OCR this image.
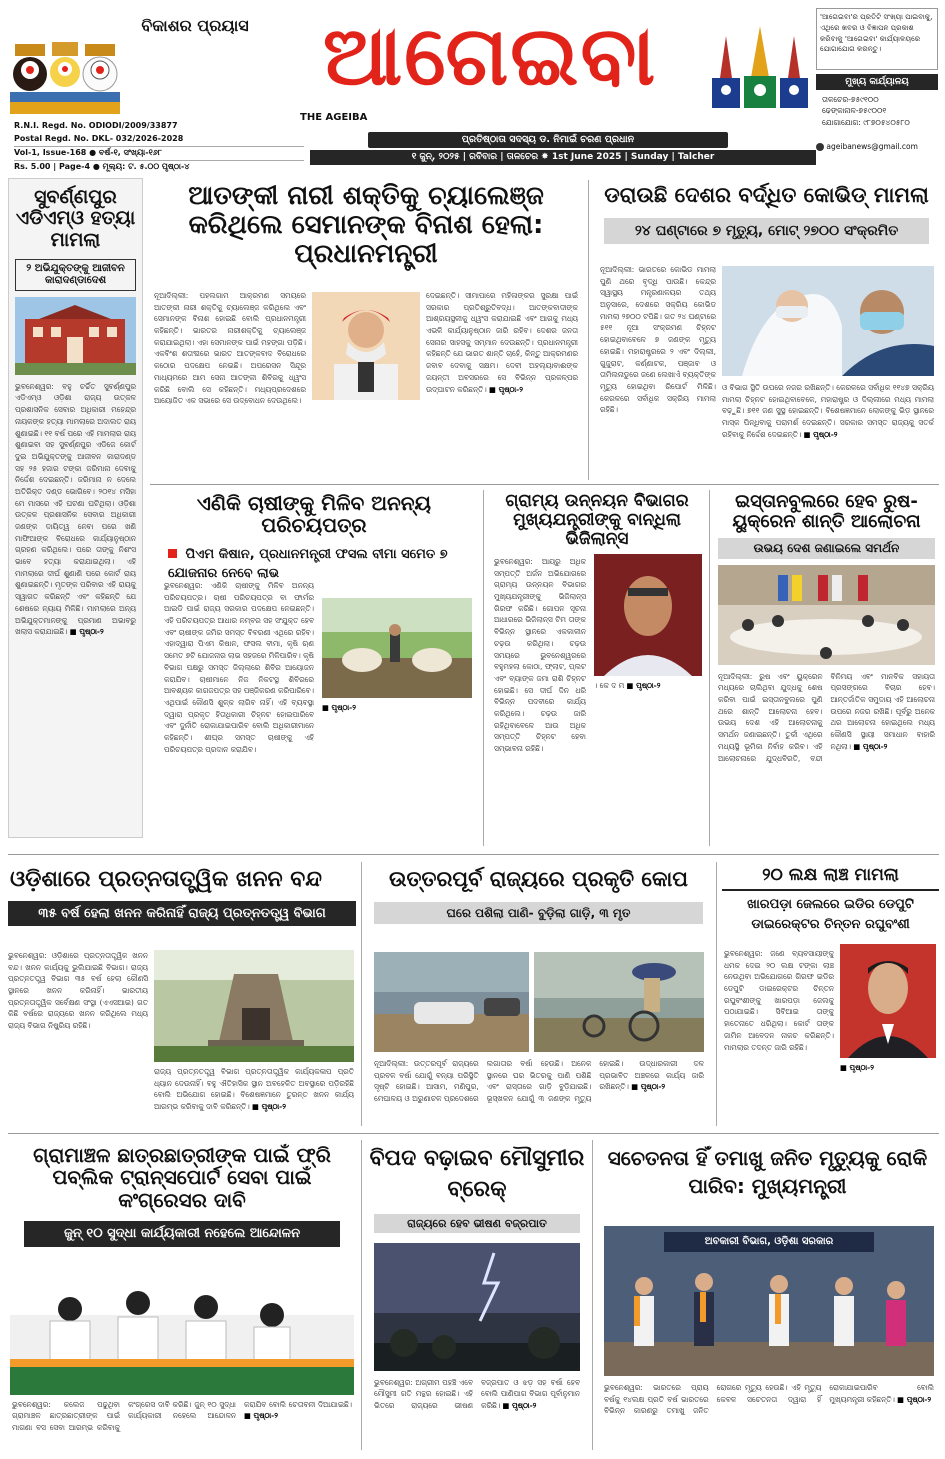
ବିକାଶର ପ୍ରୟାସ ଆଗେଇବା
THE AGEIBA
'ଆଗେଇବା'ର ପ୍ରତିଟି ସଂଖ୍ୟା ପାଇବାକୁ, ଏଥିରେ ଖବର ଓ ବିଜ୍ଞାପନ ପ୍ରକାଶ କରିବାକୁ 'ଆଗେଇବା' କାର୍ଯ୍ୟାଳୟରେ ଯୋଗାଯୋଗ କରନ୍ତୁ।
ମୁଖ୍ୟ କାର୍ଯ୍ୟାଳୟ
ତାଳଚେର-୭୫୯୧୦୦
ଢେଙ୍କାନାଳ-୭୫୯୦୦୧
ଯୋଗାଯୋଗ: ୯୮୭୦୫୪୦୫୮୦
ageibanews@gmail.com
R.N.I. Regd. No. ODIODI/2009/33877
Postal Regd. No. DKL- 032/2026-2028
Vol-1, Issue-168 ● ବର୍ଷ-୧, ସଂଖ୍ୟା-୧୬୮
Rs. 5.00 | Page-4 ● ମୂଲ୍ୟ: ଟ. ୫.୦୦ ପୃଷ୍ଠା-୪
ପ୍ରତିଷ୍ଠାତା ସଦସ୍ୟ ଡ. ନିମାଇଁ ଚରଣ ପ୍ରଧାନ
୧ ଜୁନ୍, ୨୦୨୫ | ରବିବାର | ତାଳଚେର ✸ 1st June 2025 | Sunday | Talcher
ସୁବର୍ଣ୍ଣପୁର ଏଡିଏମ୍‌ଓ ହତ୍ୟା ମାମଲା
୨ ଅଭିଯୁକ୍ତଙ୍କୁ ଆଜୀବନ କାରାଦଣ୍ଡାଦେଶ
ଭୁବନେଶ୍ୱର: ବହୁ ଚର୍ଚ୍ଚିତ ସୁବର୍ଣ୍ଣପୁର ଏଡିଏମ୍‌ଓ ଓଡ଼ିଶା ରାଜ୍ୟ ଉତ୍କଳ ପ୍ରଶାସନିକ ସେବାର ଅଧିକାରୀ ମହେନ୍ଦ୍ର ନାୟକଙ୍କ ହତ୍ୟା ମାମଲାରେ ଅଦାଲତ ରାୟ ଶୁଣାଇଛି। ୧୧ ବର୍ଷ ପରେ ଏହି ମାମଲାର ରାୟ ଶୁଣାଇବା ସହ ସୁବର୍ଣ୍ଣପୁର ଏଡିଜେ କୋର୍ଟ ଦୁଇ ଅଭିଯୁକ୍ତଙ୍କୁ ଆଜୀବନ କାରାଦଣ୍ଡ ସହ ୨୫ ହଜାର ଟଙ୍କା ଜରିମାନା ଦେବାକୁ ନିର୍ଦ୍ଦେଶ ଦେଇଛନ୍ତି। ଜରିମାନା ନ ଦେଲେ ଅତିରିକ୍ତ ଦଣ୍ଡ ଭୋଗିବେ। ୨୦୧୪ ମସିହା ମେ ମାସରେ ଏହି ଘଟଣା ଘଟିଥିଲା। ଓଡ଼ିଶା ଉତ୍କଳ ପ୍ରଶାସନିକ ସେବାର ଅଧିକାରୀ ଜଣଙ୍କ ଦାୟିତ୍ୱ ନେବା ପରେ ଖଣି ମାଫିଆଙ୍କ ବିରୋଧରେ କାର୍ଯ୍ୟାନୁଷ୍ଠାନ ଗ୍ରହଣ କରିଥିଲେ। ପରେ ତାଙ୍କୁ ନିଶଂସ ଭାବେ ହତ୍ୟା କରାଯାଇଥିଲା। ଏହି ମାମଲାରେ ଦୀର୍ଘ ଶୁଣାଣି ପରେ କୋର୍ଟ ରାୟ ଶୁଣାଇଛନ୍ତି। ମୃତଙ୍କ ପରିବାର ଏହି ରାୟକୁ ସ୍ୱାଗତ କରିଛନ୍ତି ଏବଂ କହିଛନ୍ତି ଯେ ଶେଷରେ ନ୍ୟାୟ ମିଳିଛି। ମାମଲାରେ ଅନ୍ୟ ଅଭିଯୁକ୍ତମାନଙ୍କୁ ପ୍ରମାଣ ଅଭାବରୁ ଖଲାସ କରାଯାଇଛି। ■ ପୃଷ୍ଠା-୨
ଆତଙ୍କୀ ନାରୀ ଶକ୍ତିକୁ ଚ୍ୟାଲେଞ୍ଜ କରିଥିଲେ ସେମାନଙ୍କ ବିନାଶ ହେଲା: ପ୍ରଧାନମନ୍ତ୍ରୀ
ନୂଆଦିଲ୍ଲୀ: ପହଲଗାମ ଆକ୍ରମଣ ସମୟରେ ଆତଙ୍କୀ ନାରୀ ଶକ୍ତିକୁ ଚ୍ୟାଲେଞ୍ଜ କରିଥିଲେ ଏବଂ ସେମାନଙ୍କ ବିନାଶ ହୋଇଛି ବୋଲି ପ୍ରଧାନମନ୍ତ୍ରୀ କହିଛନ୍ତି। ଭାରତର ନାରୀଶକ୍ତିକୁ ଚ୍ୟାଲେଞ୍ଜ କରାଯାଇଥିଲା। ଏହା ସେମାନଙ୍କ ପାଇଁ ମହଙ୍ଗା ପଡ଼ିଛି। ଏକବିଂଶ ଶତାବ୍ଦୀରେ ଭାରତ ଆତଙ୍କବାଦ ବିରୋଧରେ କଠୋର ପଦକ୍ଷେପ ନେଇଛି। ଅପରେସନ ସିନ୍ଦୂର ମାଧ୍ୟମରେ ଆମ ସେନା ଆତଙ୍କୀ ଶିବିରକୁ ଧ୍ୱଂସ କରିଛି ବୋଲି ସେ କହିଛନ୍ତି। ମଧ୍ୟପ୍ରଦେଶରେ ଆୟୋଜିତ ଏକ ସଭାରେ ସେ ଉଦ୍ବୋଧନ ଦେଉଥିଲେ।
ଦେଇଛନ୍ତି। ସୀମାପାରେ ମହିଳାଙ୍କର ସୁରକ୍ଷା ପାଇଁ ସରକାର ପ୍ରତିଶ୍ରୁତିବଦ୍ଧ। ଆତଙ୍କବାଦୀଙ୍କ ଆଶ୍ରୟସ୍ଥଳୀକୁ ଧ୍ୱଂସ କରାଯାଇଛି ଏବଂ ଆଗକୁ ମଧ୍ୟ ଏଭଳି କାର୍ଯ୍ୟାନୁଷ୍ଠାନ ଜାରି ରହିବ। ଦେଶର ଜନତା ସେନାର ସାହସକୁ ସମ୍ମାନ ଦେଉଛନ୍ତି। ପ୍ରଧାନମନ୍ତ୍ରୀ କହିଛନ୍ତି ଯେ ଭାରତ ଶାନ୍ତି ଚାହେଁ, କିନ୍ତୁ ଆକ୍ରମଣର ଜବାବ ଦେବାକୁ ସକ୍ଷମ। ଦେବୀ ଅହଲ୍ୟାବାଈଙ୍କ ଜୟନ୍ତୀ ଅବସରରେ ସେ ବିଭିନ୍ନ ପ୍ରକଳ୍ପର ଉଦ୍‌ଘାଟନ କରିଛନ୍ତି। ■ ପୃଷ୍ଠା-୨
ଡରାଉଛି ଦେଶର ବର୍ଦ୍ଧିତ କୋଭିଡ୍ ମାମଲା
୨୪ ଘଣ୍ଟାରେ ୭ ମୃତ୍ୟୁ, ମୋଟ୍ ୨୭୦୦ ସଂକ୍ରମିତ
ନୂଆଦିଲ୍ଲୀ: ଭାରତରେ କୋଭିଡ ମାମଲା ପୁଣି ଥରେ ବୃଦ୍ଧି ପାଉଛି। କେନ୍ଦ୍ର ସ୍ୱାସ୍ଥ୍ୟ ମନ୍ତ୍ରଣାଳୟର ତଥ୍ୟ ଅନୁସାରେ, ଦେଶରେ ସକ୍ରିୟ କୋଭିଡ ମାମଲା ୨୭୦୦ ଟପିଛି। ଗତ ୨୪ ଘଣ୍ଟାରେ ୫୧୧ ନୂଆ ସଂକ୍ରମଣ ଚିହ୍ନଟ ହୋଇଥିବାବେଳେ ୭ ଜଣଙ୍କ ମୃତ୍ୟୁ ହୋଇଛି। ମହାରାଷ୍ଟ୍ରରେ ୨ ଏବଂ ଦିଲ୍ଲୀ, ଗୁଜୁରାଟ, କର୍ଣ୍ଣାଟକ, ପଞ୍ଜାବ ଓ ତାମିଲନାଡୁରେ ଜଣେ ଲେଖାଏଁ ବ୍ୟକ୍ତିଙ୍କ ମୃତ୍ୟୁ ହୋଇଥିବା ରିପୋର୍ଟ ମିଳିଛି। କେରଳରେ ସର୍ବାଧିକ ସକ୍ରିୟ ମାମଲା ରହିଛି।
ଓ ବିଭାଗ ସ୍ଥିତି ଉପରେ ନଜର ରଖିଛନ୍ତି। କେରଳରେ ସର୍ବାଧିକ ୧୧୪୭ ସକ୍ରିୟ ମାମଲା ଚିହ୍ନଟ ହୋଇଥିବାବେଳେ, ମହାରାଷ୍ଟ୍ର ଓ ଦିଲ୍ଲୀରେ ମଧ୍ୟ ମାମଲା ବଢ଼ୁଛି। ୭୧୧ ଜଣ ସୁସ୍ଥ ହୋଇଛନ୍ତି। ବିଶେଷଜ୍ଞମାନେ ଲୋକଙ୍କୁ ଭିଡ଼ ସ୍ଥାନରେ ମାସ୍କ ପିନ୍ଧିବାକୁ ପରାମର୍ଶ ଦେଇଛନ୍ତି। ସରକାର ସମସ୍ତ ରାଜ୍ୟକୁ ସତର୍କ ରହିବାକୁ ନିର୍ଦ୍ଦେଶ ଦେଇଛନ୍ତି। ■ ପୃଷ୍ଠା-୨
ଏଣିକି ଚାଷୀଙ୍କୁ ମିଳିବ ଅନନ୍ୟ ପରିଚୟପତ୍ର
ପିଏମ କିଷାନ, ପ୍ରଧାନମନ୍ତ୍ରୀ ଫସଲ ବୀମା ସମେତ ୭ ଯୋଜନାର ନେବେ ଲାଭ
ଭୁବନେଶ୍ୱର: ଏଣିକି ଚାଷୀଙ୍କୁ ମିଳିବ ଅନନ୍ୟ ପରିଚୟପତ୍ର। ଚାଷୀ ପରିଚୟପତ୍ର ବା ଫାର୍ମର ଆଇଡି ପାଇଁ ରାଜ୍ୟ ସରକାର ପଦକ୍ଷେପ ନେଇଛନ୍ତି। ଏହି ପରିଚୟପତ୍ର ଆଧାର ନମ୍ବର ସହ ସଂଯୁକ୍ତ ହେବ ଏବଂ ଚାଷୀଙ୍କ ଜମିର ସମସ୍ତ ବିବରଣୀ ଏଥିରେ ରହିବ। ଏହାଦ୍ୱାରା ପିଏମ କିଷାନ, ଫସଲ ବୀମା, କୃଷି ଋଣ ସମେତ ୭ଟି ଯୋଜନାର ଲାଭ ସହଜରେ ମିଳିପାରିବ। କୃଷି ବିଭାଗ ପକ୍ଷରୁ ସମସ୍ତ ଜିଲ୍ଲାରେ ଶିବିର ଆୟୋଜନ କରାଯିବ। ଚାଷୀମାନେ ନିଜ ନିକଟସ୍ଥ ଶିବିରରେ ଆବଶ୍ୟକ କାଗଜପତ୍ର ସହ ପଞ୍ଜିକରଣ କରିପାରିବେ। ଏଥିପାଇଁ କୌଣସି ଶୁଳ୍କ ଲାଗିବ ନାହିଁ। ଏହି ବ୍ୟବସ୍ଥା ଦ୍ୱାରା ପ୍ରକୃତ ହିତାଧିକାରୀ ଚିହ୍ନଟ ହୋଇପାରିବେ ଏବଂ ଦୁର୍ନୀତି ରୋକାଯାଇପାରିବ ବୋଲି ଅଧିକାରୀମାନେ କହିଛନ୍ତି। ଶୀଘ୍ର ସମସ୍ତ ଚାଷୀଙ୍କୁ ଏହି ପରିଚୟପତ୍ର ପ୍ରଦାନ କରାଯିବ।
■ ପୃଷ୍ଠା-୨
ଗ୍ରାମ୍ୟ ଉନ୍ନୟନ ବିଭାଗର ମୁଖ୍ୟଯନ୍ତ୍ରୀଙ୍କୁ ବାନ୍ଧିଲା ଭିଜିଲାନ୍ସ
ଭୁବନେଶ୍ୱର: ଆୟରୁ ଅଧିକ ସମ୍ପତ୍ତି ଅର୍ଜନ ଅଭିଯୋଗରେ ଗ୍ରାମ୍ୟ ଉନ୍ନୟନ ବିଭାଗର ମୁଖ୍ୟଯନ୍ତ୍ରୀଙ୍କୁ ଭିଜିଲାନ୍ସ ଗିରଫ କରିଛି। ଗୋପନ ସୂଚନା ଆଧାରରେ ଭିଜିଲାନ୍ସ ଟିମ ତାଙ୍କ ବିଭିନ୍ନ ସ୍ଥାନରେ ଏକକାଳୀନ ଚଢ଼ଉ କରିଥିଲା। ଚଢ଼ଉ ସମୟରେ ଭୁବନେଶ୍ୱରରେ ବହୁମହଲା କୋଠା, ଫ୍ଲାଟ, ପ୍ଲଟ ଏବଂ ବ୍ୟାଙ୍କ ଜମା ରାଶି ଚିହ୍ନଟ ହୋଇଛି। ସେ ଦୀର୍ଘ ଦିନ ଧରି ବିଭିନ୍ନ ପଦବୀରେ କାର୍ଯ୍ୟ କରିଥିଲେ। ଚଢ଼ଉ ଜାରି ରହିଥିବାବେଳେ ଆଉ ଅଧିକ ସମ୍ପତ୍ତି ଚିହ୍ନଟ ହେବା ସମ୍ଭାବନା ରହିଛି।
। କେ ଦ ମ ■ ପୃଷ୍ଠା-୨
ଇସ୍ତାନବୁଲରେ ହେବ ରୁଷ-ୟୁକ୍ରେନ ଶାନ୍ତି ଆଲୋଚନା
ଉଭୟ ଦେଶ ଜଣାଇଲେ ସମର୍ଥନ
ନୂଆଦିଲ୍ଲୀ: ରୁଷ ଏବଂ ୟୁକ୍ରେନ ମଧ୍ୟରେ ଚାଲିଥିବା ଯୁଦ୍ଧକୁ ଶେଷ କରିବା ପାଇଁ ଇସ୍ତାନବୁଲରେ ପୁଣି ଥରେ ଶାନ୍ତି ଆଲୋଚନା ହେବ। ଉଭୟ ଦେଶ ଏହି ଆଲୋଚନାକୁ ସମର୍ଥନ ଜଣାଇଛନ୍ତି। ତୁର୍କୀ ଏଥିରେ ମଧ୍ୟସ୍ଥି ଭୂମିକା ନିର୍ବାହ କରିବ। ଏହି ଆଲୋଚନାରେ ଯୁଦ୍ଧବିରତି, ବନ୍ଦୀ ବିନିମୟ ଏବଂ ମାନବିକ ସହାୟତା ପ୍ରସଙ୍ଗରେ ବିଚାର ହେବ। ଆନ୍ତର୍ଜାତିକ ସମୁଦାୟ ଏହି ଆଲୋଚନା ଉପରେ ନଜର ରଖିଛି। ପୂର୍ବରୁ ଅନେକ ଥର ଆଲୋଚନା ହୋଇଥିଲେ ମଧ୍ୟ କୌଣସି ସ୍ଥାୟୀ ସମାଧାନ ବାହାରି ନଥିଲା। ■ ପୃଷ୍ଠା-୨
ଓଡ଼ିଶାରେ ପ୍ରତ୍ନତାତ୍ତ୍ୱିକ ଖନନ ବନ୍ଦ
୩୫ ବର୍ଷ ହେଲା ଖନନ କରିନାହିଁ ରାଜ୍ୟ ପ୍ରତ୍ନତତ୍ତ୍ୱ ବିଭାଗ
ଭୁବନେଶ୍ୱର: ଓଡ଼ିଶାରେ ପ୍ରତ୍ନତାତ୍ତ୍ୱିକ ଖନନ ବନ୍ଦ। ଖନନ କାର୍ଯ୍ୟକୁ ଭୁଲିଯାଇଛି ବିଭାଗ। ରାଜ୍ୟ ପ୍ରତ୍ନତତ୍ତ୍ୱ ବିଭାଗ ୩୫ ବର୍ଷ ହେଲା କୌଣସି ସ୍ଥାନରେ ଖନନ କରିନାହିଁ। ଭାରତୀୟ ପ୍ରତ୍ନତାତ୍ତ୍ୱିକ ସର୍ବେକ୍ଷଣ ସଂସ୍ଥା (ଏଏସଆଇ) ଗତ କିଛି ବର୍ଷରେ ରାଜ୍ୟରେ ଖନନ କରିଥିଲେ ମଧ୍ୟ ରାଜ୍ୟ ବିଭାଗ ନିଷ୍କ୍ରିୟ ରହିଛି।
ରାଜ୍ୟ ପ୍ରତ୍ନତତ୍ତ୍ୱ ବିଭାଗ ପ୍ରତ୍ନତାତ୍ତ୍ୱିକ କାର୍ଯ୍ୟକଳାପ ପ୍ରତି ଧ୍ୟାନ ଦେଉନାହିଁ। ବହୁ ଐତିହାସିକ ସ୍ଥାନ ଅବହେଳିତ ଅବସ୍ଥାରେ ପଡ଼ିରହିଛି ବୋଲି ଅଭିଯୋଗ ହୋଇଛି। ବିଶେଷଜ୍ଞମାନେ ତୁରନ୍ତ ଖନନ କାର୍ଯ୍ୟ ଆରମ୍ଭ କରିବାକୁ ଦାବି କରିଛନ୍ତି। ■ ପୃଷ୍ଠା-୨
ଉତ୍ତରପୂର୍ବ ରାଜ୍ୟରେ ପ୍ରକୃତି କୋପ
ଘରେ ପଶିଲା ପାଣି- ବୁଡ଼ିଲା ଗାଡ଼ି, ୩ ମୃତ
ନୂଆଦିଲ୍ଲୀ: ଉତ୍ତରପୂର୍ବ ରାଜ୍ୟରେ ପ୍ରବଳ ବର୍ଷା ଯୋଗୁଁ ବନ୍ୟା ପରିସ୍ଥିତି ସୃଷ୍ଟି ହୋଇଛି। ଆସାମ, ମଣିପୁର, ମେଘାଳୟ ଓ ଅରୁଣାଚଳ ପ୍ରଦେଶରେ ଲଗାତାର ବର୍ଷା ହେଉଛି। ଅନେକ ସ୍ଥାନରେ ଘର ଭିତରକୁ ପାଣି ପଶିଛି ଏବଂ ରାସ୍ତାରେ ଗାଡ଼ି ବୁଡ଼ିଯାଇଛି। ଭୂସ୍ଖଳନ ଯୋଗୁଁ ୩ ଜଣଙ୍କ ମୃତ୍ୟୁ ହୋଇଛି। ଉଦ୍ଧାରକାରୀ ଦଳ ପ୍ରଭାବିତ ଅଞ୍ଚଳରେ କାର୍ଯ୍ୟ ଜାରି ରଖିଛନ୍ତି। ■ ପୃଷ୍ଠା-୨
୨୦ ଲକ୍ଷ ଲାଞ୍ଚ ମାମଲା
ଖାରପଡ଼ା ଜେଲରେ ଇଡିର ଡେପୁଟି ଡାଇରେକ୍ଟର ଚିନ୍ତନ ରଘୁବଂଶୀ
ଭୁବନେଶ୍ୱର: ଜଣେ ବ୍ୟବସାୟୀଙ୍କୁ ଧମକ ଦେଇ ୨୦ ଲକ୍ଷ ଟଙ୍କା ଲାଞ୍ଚ ନେଉଥିବା ଅଭିଯୋଗରେ ଗିରଫ ଇଡିର ଡେପୁଟି ଡାଇରେକ୍ଟର ଚିନ୍ତନ ରଘୁବଂଶୀଙ୍କୁ ଖାରପଡ଼ା ଜେଲକୁ ପଠାଯାଇଛି। ସିବିଆଇ ତାଙ୍କୁ ହାତେନାତେ ଧରିଥିଲା। କୋର୍ଟ ତାଙ୍କ ଜାମିନ ଆବେଦନ ନାକଚ କରିଛନ୍ତି। ମାମଲାର ତଦନ୍ତ ଜାରି ରହିଛି।
■ ପୃଷ୍ଠା-୨
ଗ୍ରାମାଞ୍ଚଳ ଛାତ୍ରଛାତ୍ରୀଙ୍କ ପାଇଁ ଫ୍ରି ପବ୍ଲିକ ଟ୍ରାନ୍ସପୋର୍ଟ ସେବା ପାଇଁ କଂଗ୍ରେସର ଦାବି
ଜୁନ୍ ୧୦ ସୁଦ୍ଧା କାର୍ଯ୍ୟକାରୀ ନହେଲେ ଆନ୍ଦୋଳନ
ଭୁବନେଶ୍ୱର: କଲେଜ ପଢୁଥିବା ଗ୍ରାମାଞ୍ଚଳ ଛାତ୍ରଛାତ୍ରୀଙ୍କ ପାଇଁ ମାଗଣା ବସ ସେବା ଆରମ୍ଭ କରିବାକୁ କଂଗ୍ରେସ ଦାବି କରିଛି। ଜୁନ୍ ୧୦ ସୁଦ୍ଧା କାର୍ଯ୍ୟକାରୀ ନହେଲେ ଆନ୍ଦୋଳନ କରାଯିବ ବୋଲି ଚେତାବନୀ ଦିଆଯାଇଛି। ■ ପୃଷ୍ଠା-୨
ବିପଦ ବଢ଼ାଇବ ମୌସୁମୀର ବ୍ରେକ୍
ରାଜ୍ୟରେ ହେବ ଭୀଷଣ ବଜ୍ରପାତ
ଭୁବନେଶ୍ୱର: ଅଗ୍ରୀମ ପହଞ୍ଚି ଏବେ ମୌସୁମୀ ଗତି ମନ୍ଥର ହୋଇଛି। ଏହି ଭିତରେ ରାଜ୍ୟରେ ଭୀଷଣ ବଜ୍ରପାତ ଓ ଝଡ଼ ସହ ବର୍ଷା ହେବ ବୋଲି ପାଣିପାଗ ବିଭାଗ ପୂର୍ବାନୁମାନ କରିଛି। ■ ପୃଷ୍ଠା-୨
ସଚେତନତା ହିଁ ତମାଖୁ ଜନିତ ମୃତ୍ୟୁକୁ ରୋକି ପାରିବ: ମୁଖ୍ୟମନ୍ତ୍ରୀ
ଅବକାରୀ ବିଭାଗ, ଓଡ଼ିଶା ସରକାର
ଭୁବନେଶ୍ୱର: ଭାରତରେ ପ୍ରାୟ ବର୍ଷକୁ ୧୪ଲକ୍ଷ ପ୍ରତି ବର୍ଷ ଭାରତରେ ବିଭିନ୍ନ କାରଣରୁ ତମାଖୁ ଜନିତ ରୋଗରେ ମୃତ୍ୟୁ ହେଉଛି। ଏହି ମୃତ୍ୟୁ କେବଳ ସଚେତନତା ଦ୍ୱାରା ହିଁ ରୋକାଯାଇପାରିବ ବୋଲି ମୁଖ୍ୟମନ୍ତ୍ରୀ କହିଛନ୍ତି। ■ ପୃଷ୍ଠା-୨
